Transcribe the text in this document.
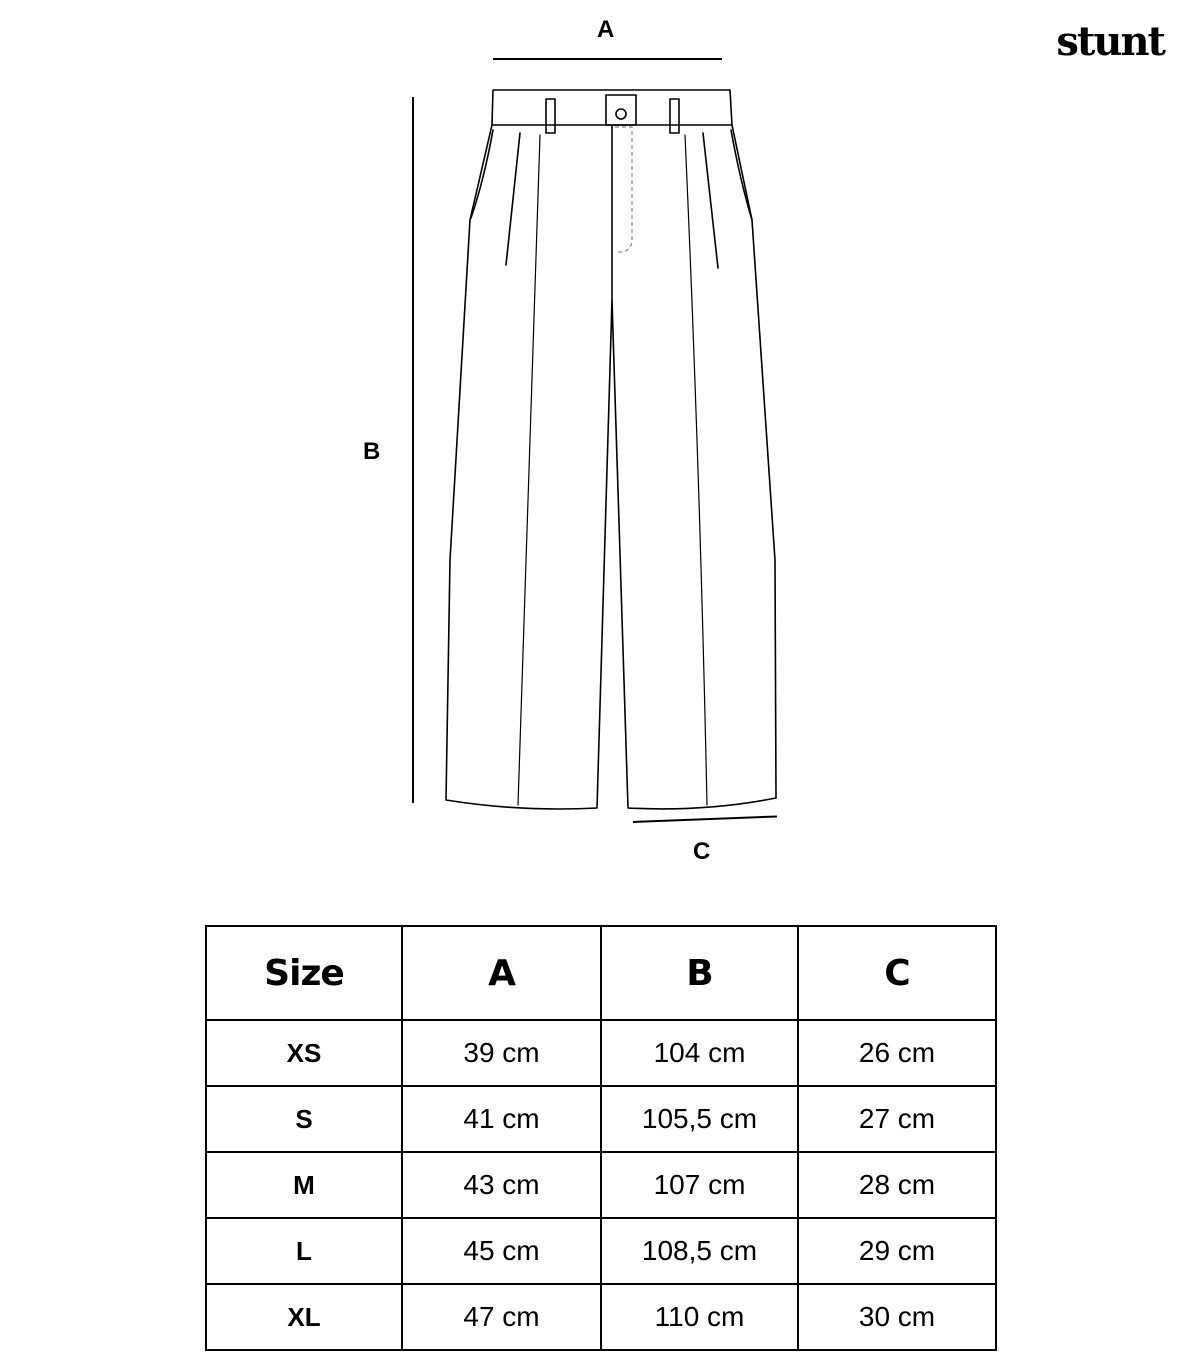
stunt
A
B
C
Size	A	B	C
XS	39 cm	104 cm	26 cm
S	41 cm	105,5 cm	27 cm
M	43 cm	107 cm	28 cm
L	45 cm	108,5 cm	29 cm
XL	47 cm	110 cm	30 cm
